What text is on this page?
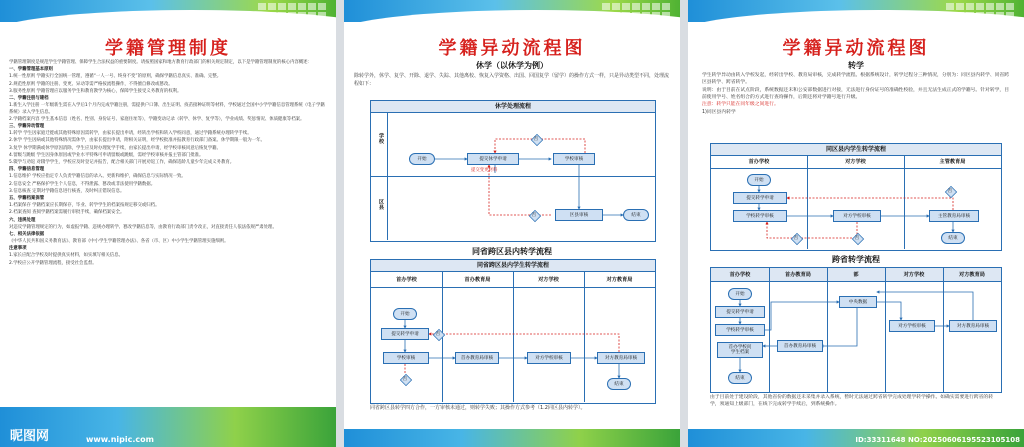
学籍管理制度

学籍管理制度是规范学生学籍管理、保障学生合法权益的重要制度。请按照国家和地方教育行政部门的相关规定制定，以下是学籍管理制度的核心内容概述：

一、学籍管理基本原则

1.统一性原则 学籍实行全国统一管理，遵循“一人一号、终身不变”的原则，确保学籍信息真实、准确、完整。

2.规范性原则 学籍的注册、变更、异动等需严格按流程操作，不得擅自修改或篡改。

3.服务性原则 学籍管理应以服务学生和教育教学为核心，保障学生接受义务教育的权利。

二、学籍注册与建档

1.新生入学注册 一年级新生需在入学后1个月内完成学籍注册，需提供户口簿、出生证明、疫苗接种证明等材料，学校通过全国中小学学籍信息管理系统（电子学籍系统）录入学生信息。

2.学籍档案内容 学生基本信息（姓名、性别、身份证号、家庭住址等），学籍变动记录（转学、休学、复学等），学业成绩、奖惩情况、体质健康等档案。

三、学籍异动管理

1.转学 学生因家庭迁徙或其他特殊原因需转学，由家长提出申请，经转出学校和转入学校同意，通过学籍系统办理转学手续。

2.休学 学生因病或其他特殊情况需休学，由家长提出申请，附相关证明，经学校批准并报教育行政部门备案。休学期限一般为一年。

3.复学 休学期满或休学原因消除，学生应及时办理复学手续，由家长提出申请，经学校审核同意后恢复学籍。

4.留级与跳级 学生因身体原因或学业水平特殊可申请留级或跳级，需经学校审核并报主管部门批准。

5.辍学与劝返 对辍学学生，学校应及时登记并报告，配合相关部门开展劝返工作，确保适龄儿童少年完成义务教育。

四、学籍信息管理

1.信息维护 学校应指定专人负责学籍信息的录入、更新和维护，确保信息与实际情况一致。

2.信息安全 严格保护学生个人信息，不得泄露、篡改或非法使用学籍数据。

3.信息核查 定期对学籍信息进行核查，及时纠正错误信息。

五、学籍档案保管

1.档案保存 学籍档案应长期保存，毕业、转学学生的档案按规定移交或归档。

2.档案查阅 查阅学籍档案需履行审批手续，确保档案安全。

六、违规处理

对违反学籍管理规定的行为，如虚报学籍、违规办理转学、篡改学籍信息等，由教育行政部门责令改正，对直接责任人依法依规严肃处理。

七、相关法律依据

《中华人民共和国义务教育法》、教育部《中小学生学籍管理办法》、各省（市、区）中小学生学籍管理实施细则。

注意事项

1.家长应配合学校及时提供真实材料，如实填写相关信息。

2.学校应公开学籍管理流程，接受社会监督。

昵图网	www.nipic.com
学籍异动流程图
休学（以休学为例）
除转学外，休学、复学、开除、退学、失踪、其他离校、恢复入学资格、出国、回国复学（留学）的操作方式一样，只是异动类型不同，处理流程如下：
休学处理流程
学校
区县
开始	提交休学申请
提交变更材料
学校审核
区县审核	结束
否
否
同省跨区县内转学流程
同省跨区县内学生转学流程
首办学校	首办教育局	对方学校	对方教育局
开始
提交转学申请
学校审核	首办教育局审核	对方学校审核	对方教育局审核
结束
否
否
同省跨区县转学四方合作，一方审核未通过，则转学失败；其操作方式参考（1.2同区县内转学）。
学籍异动流程图
转学

学生转学异动由转入学校发起，经转出学校、教育局审核，完成转学流程。根据系统设计，转学过程分三种情况，分别为：同区县内转学、同省跨区县转学、跨省转学。

说明：由于目前在试点阶段，系统数据还未和公安部数据进行对接，无法进行身份证号的准确性校验，并且无法生成正式的学籍号。针对转学，目前使用学号、姓名组合的方式进行查询操作，后期还将对学籍号进行升级。

注意：转学只能在同年级之间进行。

1)同区县内转学

同区县内学生转学流程
首办学校	对方学校	主管教育局
开始
提交转学申请
学校转学审核	对方学校审核	主管教育局审核
结束
否
否
否
跨省转学流程
首办学校	首办教育局	部	对方学校	对方教育局
开始
提交转学申请
学校转学审核
中央数据
对方学校审核	对方教育局审核
首办教育局审核
首办学校问
学生档案
结束
由于目前处于建设阶段，其他省份的数据还未采集并录入系统，暂时无法通过跨省转学完成处理学转学操作。如确实需要进行跨省的转学，须通知上级部门，在线下完成转学手续后，到系统操作。
ID:33311648 NO:20250606195523105108
